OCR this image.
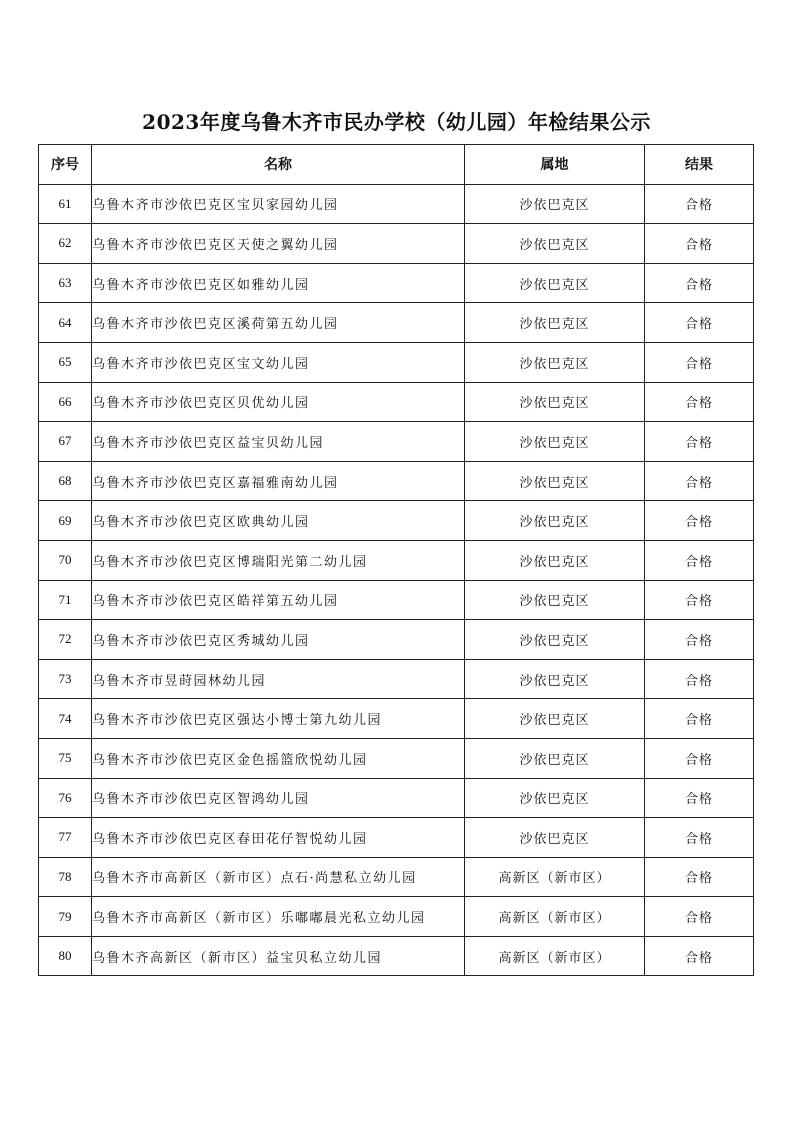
2023年度乌鲁木齐市民办学校（幼儿园）年检结果公示
序号	名称	属地	结果
61	乌鲁木齐市沙依巴克区宝贝家园幼儿园	沙依巴克区	合格
62	乌鲁木齐市沙依巴克区天使之翼幼儿园	沙依巴克区	合格
63	乌鲁木齐市沙依巴克区如雅幼儿园	沙依巴克区	合格
64	乌鲁木齐市沙依巴克区溪荷第五幼儿园	沙依巴克区	合格
65	乌鲁木齐市沙依巴克区宝文幼儿园	沙依巴克区	合格
66	乌鲁木齐市沙依巴克区贝优幼儿园	沙依巴克区	合格
67	乌鲁木齐市沙依巴克区益宝贝幼儿园	沙依巴克区	合格
68	乌鲁木齐市沙依巴克区嘉福雅南幼儿园	沙依巴克区	合格
69	乌鲁木齐市沙依巴克区欧典幼儿园	沙依巴克区	合格
70	乌鲁木齐市沙依巴克区博瑞阳光第二幼儿园	沙依巴克区	合格
71	乌鲁木齐市沙依巴克区皓祥第五幼儿园	沙依巴克区	合格
72	乌鲁木齐市沙依巴克区秀城幼儿园	沙依巴克区	合格
73	乌鲁木齐市昱莳园林幼儿园	沙依巴克区	合格
74	乌鲁木齐市沙依巴克区强达小博士第九幼儿园	沙依巴克区	合格
75	乌鲁木齐市沙依巴克区金色摇篮欣悦幼儿园	沙依巴克区	合格
76	乌鲁木齐市沙依巴克区智鸿幼儿园	沙依巴克区	合格
77	乌鲁木齐市沙依巴克区春田花仔智悦幼儿园	沙依巴克区	合格
78	乌鲁木齐市高新区（新市区）点石·尚慧私立幼儿园	高新区（新市区）	合格
79	乌鲁木齐市高新区（新市区）乐嘟嘟晨光私立幼儿园	高新区（新市区）	合格
80	乌鲁木齐高新区（新市区）益宝贝私立幼儿园	高新区（新市区）	合格
